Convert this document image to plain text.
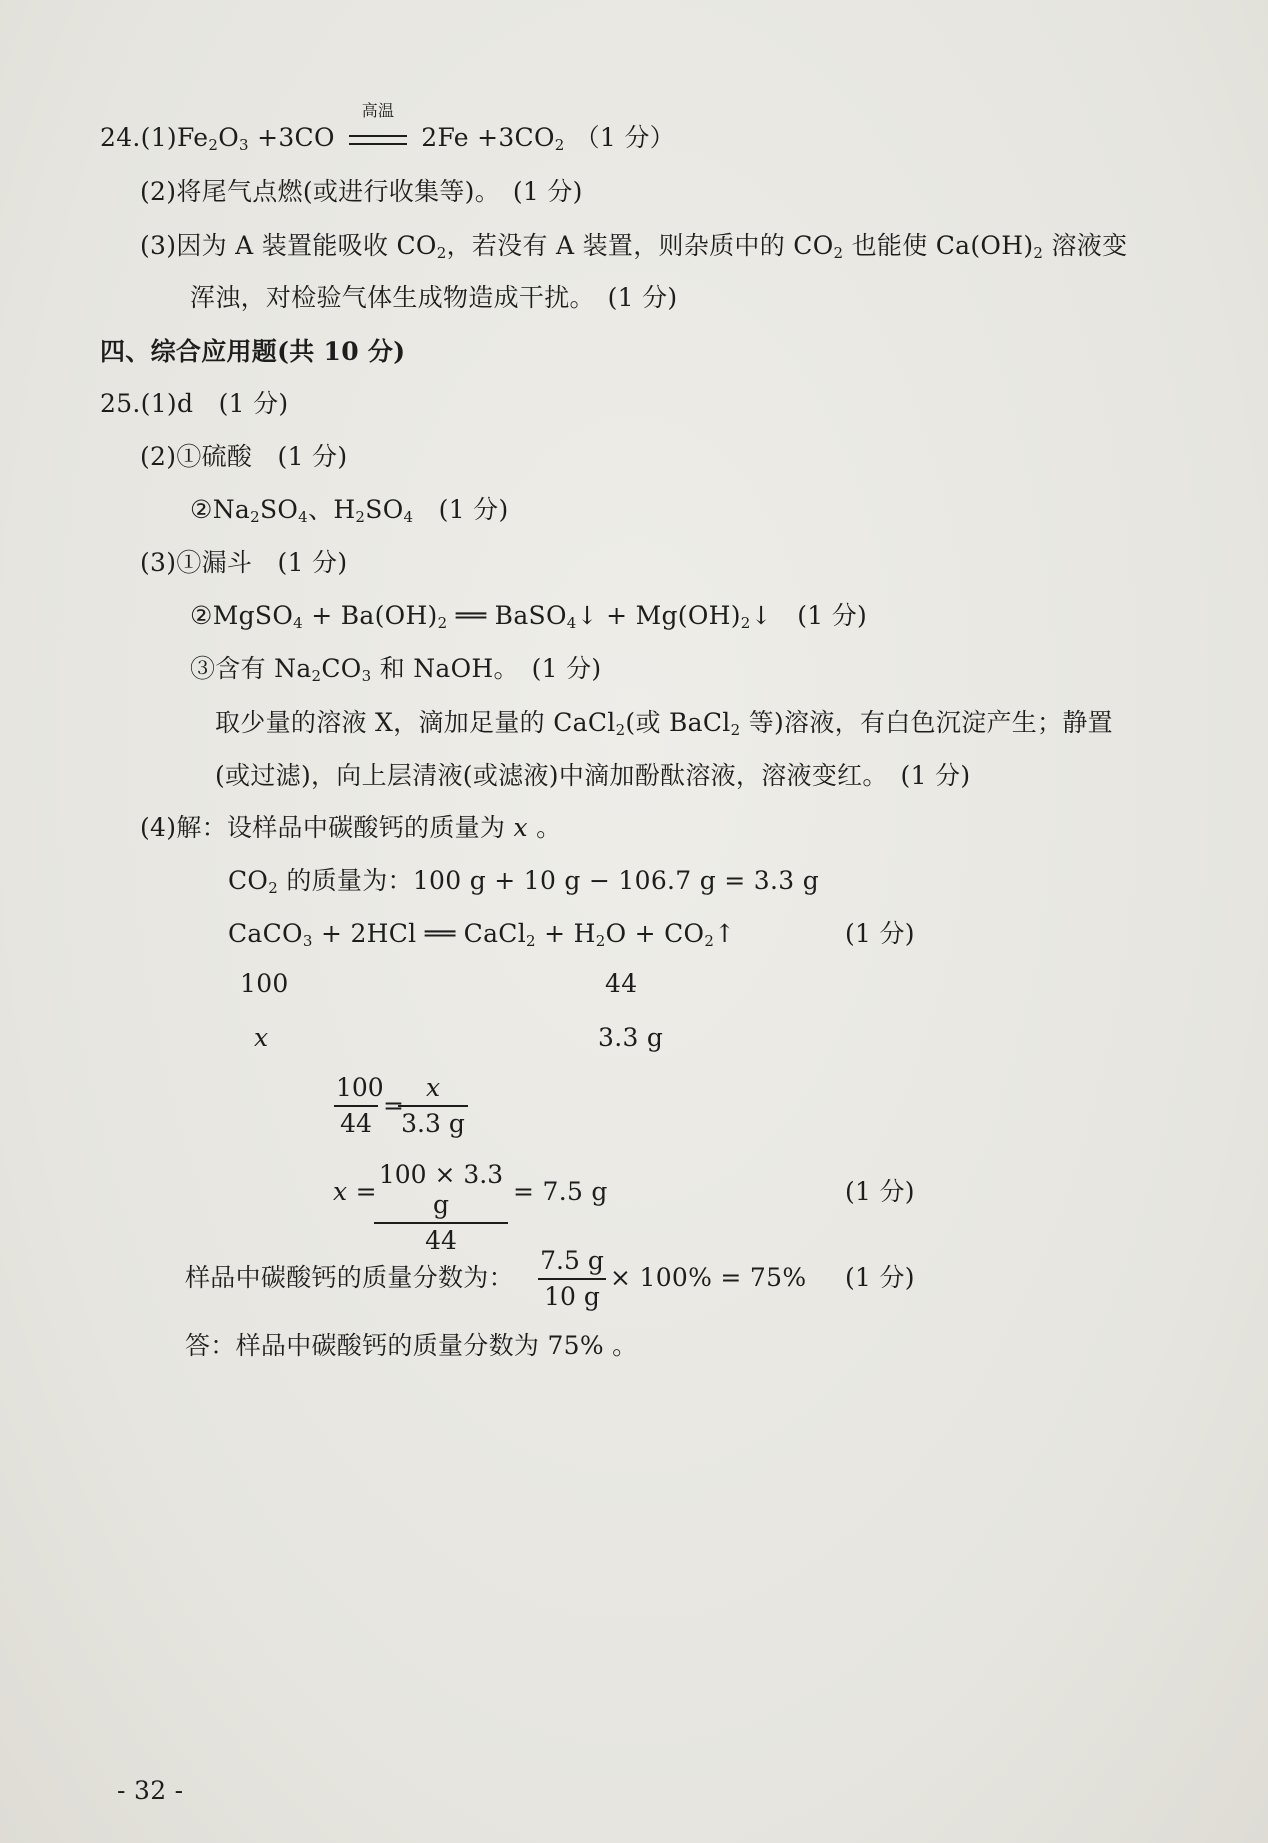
$24.(1)Fe_2O_3 +3CO$
高温
$2Fe +3CO_2$ （1 分）
(2)将尾气点燃(或进行收集等)。　(1 分)
(3)因为 A 装置能吸收 $CO_2$，若没有 A 装置，则杂质中的 $CO_2$ 也能使 $Ca(OH)_2$ 溶液变
浑浊，对检验气体生成物造成干扰。　(1 分)
四、综合应用题(共 10 分)
25.(1)d　(1 分)
(2)①硫酸　(1 分)
$②Na_2SO_4$、$H_2SO_4$　(1 分)
(3)①漏斗　(1 分)
②MgSO$_4$ + $Ba(OH)_2$ ══ BaSO$_4$↓ + $Mg(OH)_2↓$　(1 分)
③含有 $Na_2CO_3$ 和 NaOH。　(1 分)
取少量的溶液 X，滴加足量的 CaCl$_2$(或 BaCl$_2$ 等)溶液，有白色沉淀产生；静置
(或过滤)，向上层清液(或滤液)中滴加酚酞溶液，溶液变红。　(1 分)
(4)解：设样品中碳酸钙的质量为 x 。
$CO_2$ 的质量为：100 g + 10 g − 106.7 g = 3.3 g
CaCO$_3$ + 2HCl ══ CaCl$_2$ + $H_2O$ + $CO_2↑$	(1 分)
100	44
x	3.3 g
$\frac{100}{44}$ =
$\frac{x}{3.3 g}$
x =
$\frac{100 \times 3.3 g}{44} = 7.5$ g	(1 分)
样品中碳酸钙的质量分数为： $\frac{7.5 g}{10 g} \times 100\% = 75\%$ (1 分)
答：样品中碳酸钙的质量分数为 75% 。
- 32 -
